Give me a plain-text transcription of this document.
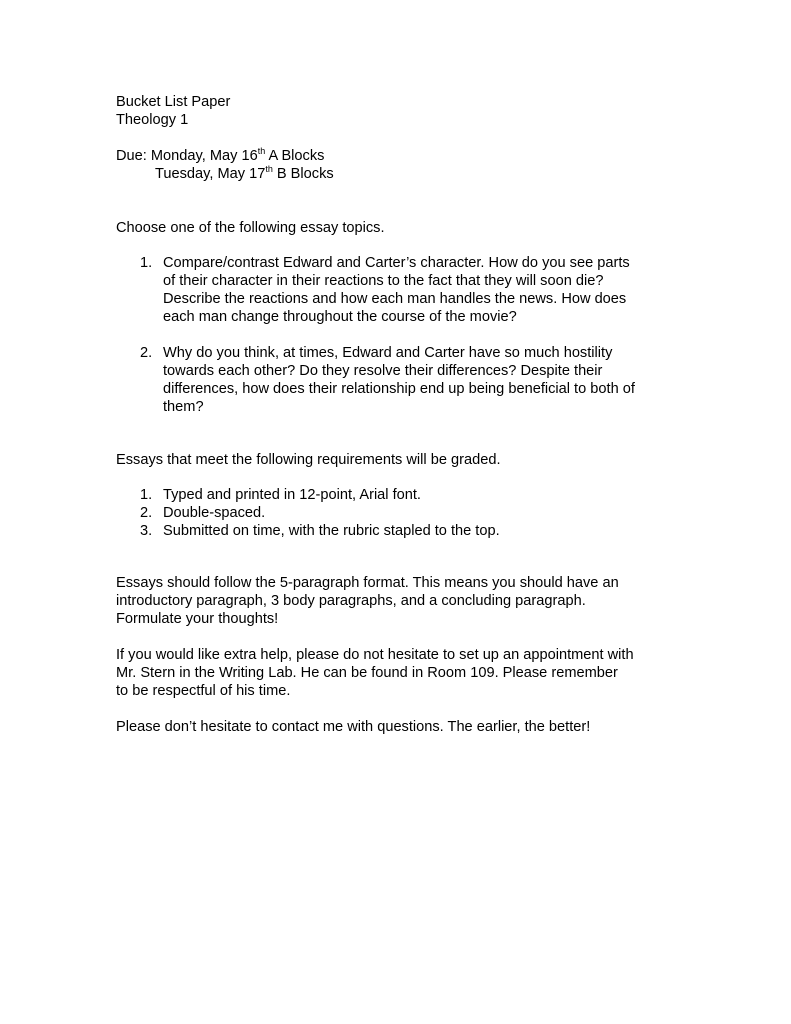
Bucket List Paper
Theology 1
Due: Monday, May 16th A Blocks
Tuesday, May 17th B Blocks
Choose one of the following essay topics.
1. Compare/contrast Edward and Carter’s character. How do you see parts
of their character in their reactions to the fact that they will soon die?
Describe the reactions and how each man handles the news. How does
each man change throughout the course of the movie?
2. Why do you think, at times, Edward and Carter have so much hostility
towards each other? Do they resolve their differences? Despite their
differences, how does their relationship end up being beneficial to both of
them?
Essays that meet the following requirements will be graded.
1. Typed and printed in 12-point, Arial font.
2. Double-spaced.
3. Submitted on time, with the rubric stapled to the top.
Essays should follow the 5-paragraph format. This means you should have an
introductory paragraph, 3 body paragraphs, and a concluding paragraph.
Formulate your thoughts!
If you would like extra help, please do not hesitate to set up an appointment with
Mr. Stern in the Writing Lab. He can be found in Room 109. Please remember
to be respectful of his time.
Please don’t hesitate to contact me with questions. The earlier, the better!
